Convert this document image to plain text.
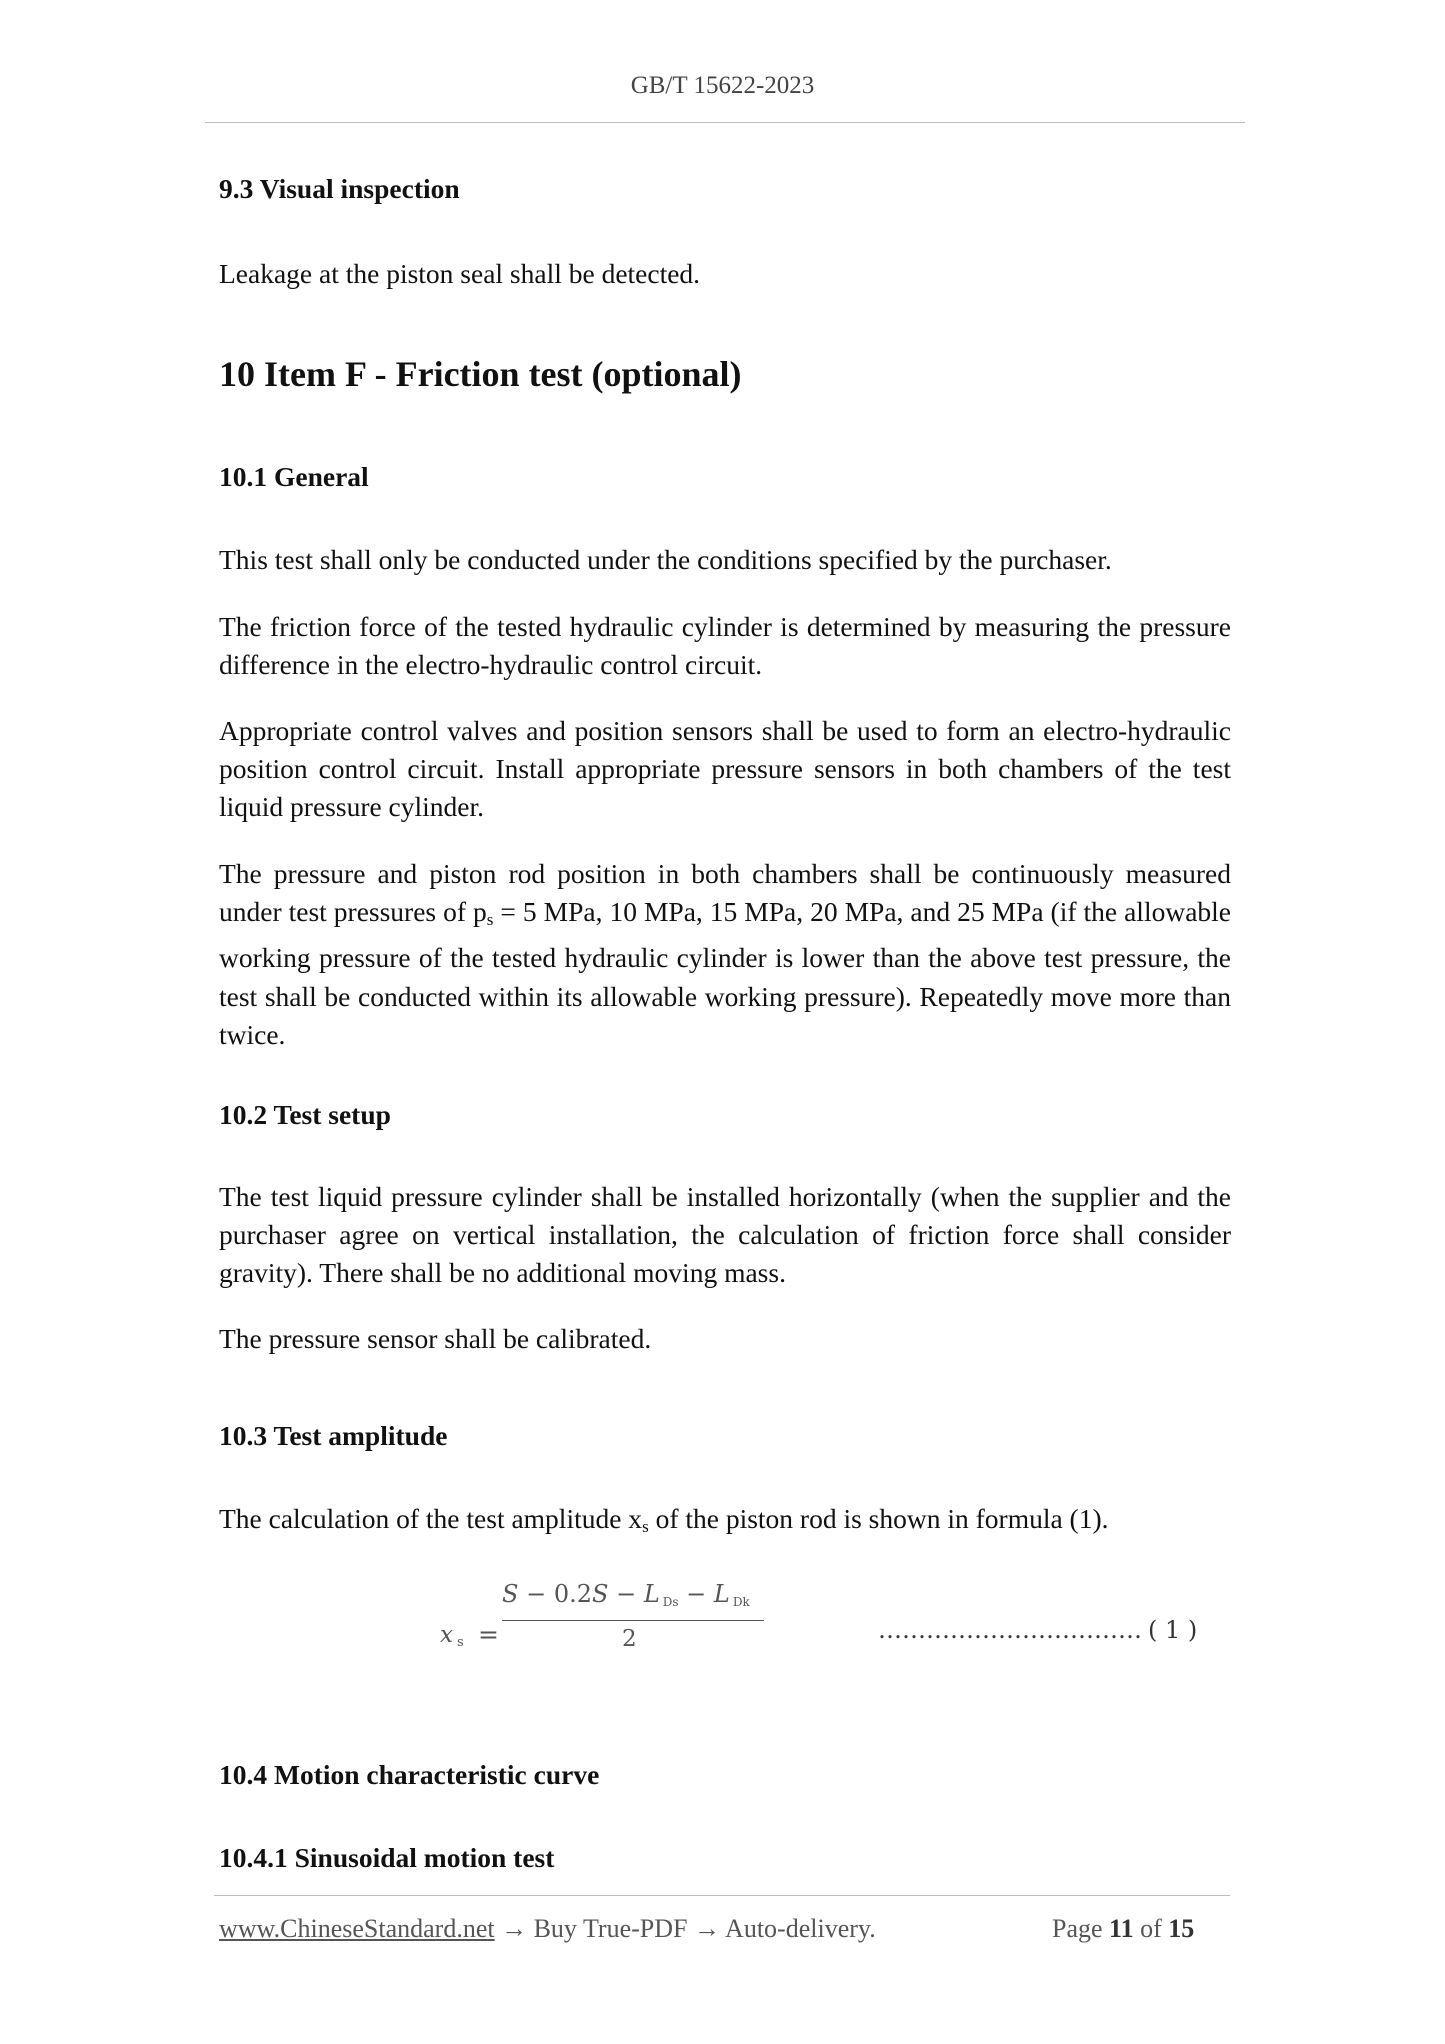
GB/T 15622-2023
9.3 Visual inspection
Leakage at the piston seal shall be detected.
10 Item F - Friction test (optional)
10.1 General
This test shall only be conducted under the conditions specified by the purchaser.
The friction force of the tested hydraulic cylinder is determined by measuring the pressure difference in the electro-hydraulic control circuit.
Appropriate control valves and position sensors shall be used to form an electro-hydraulic position control circuit. Install appropriate pressure sensors in both chambers of the test liquid pressure cylinder.
The pressure and piston rod position in both chambers shall be continuously measured under test pressures of $p_s = 5$ MPa, 10 MPa, 15 MPa, 20 MPa, and 25 MPa (if the allowable working pressure of the tested hydraulic cylinder is lower than the above test pressure, the test shall be conducted within its allowable working pressure). Repeatedly move more than twice.
10.2 Test setup
The test liquid pressure cylinder shall be installed horizontally (when the supplier and the purchaser agree on vertical installation, the calculation of friction force shall consider gravity). There shall be no additional moving mass.
The pressure sensor shall be calibrated.
10.3 Test amplitude
The calculation of the test amplitude $x_s$ of the piston rod is shown in formula (1).
10.4 Motion characteristic curve
10.4.1 Sinusoidal motion test
xs =
S − 0.2S − L Ds − L Dk
2	…………………………… ( 1 )
www.ChineseStandard.net → Buy True-PDF → Auto-delivery.	Page 11 of 15
